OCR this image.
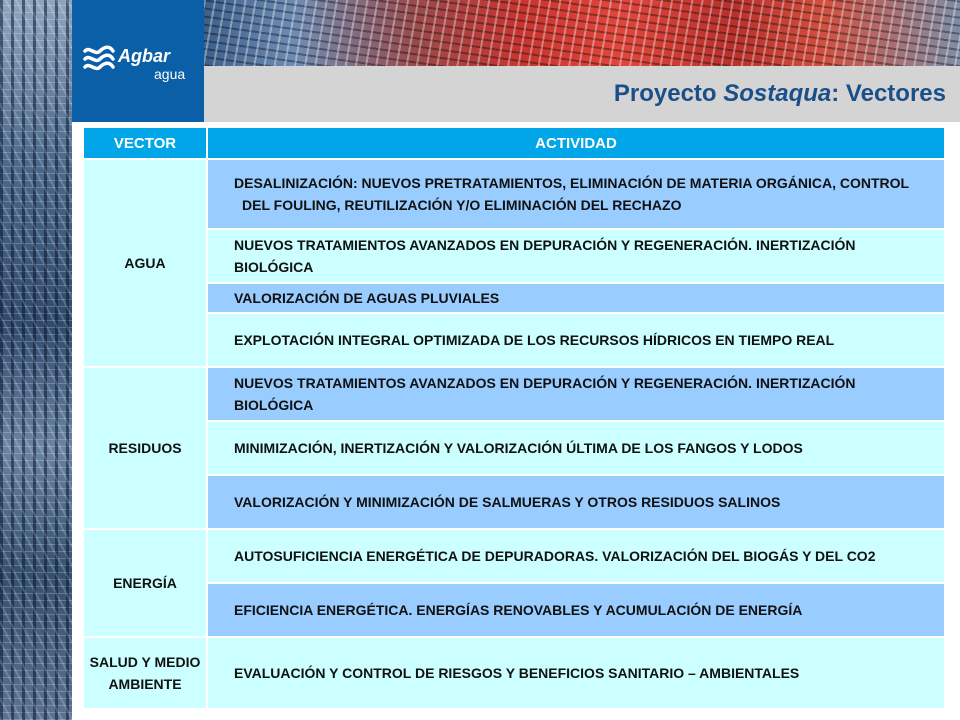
Agbar
agua
Proyecto Sostaqua: Vectores
VECTOR	ACTIVIDAD
AGUA	DESALINIZACIÓN: NUEVOS PRETRATAMIENTOS, ELIMINACIÓN DE MATERIA ORGÁNICA, CONTROL DEL FOULING, REUTILIZACIÓN Y/O ELIMINACIÓN DEL RECHAZO

	NUEVOS TRATAMIENTOS AVANZADOS EN DEPURACIÓN Y REGENERACIÓN. INERTIZACIÓN BIOLÓGICA

	VALORIZACIÓN DE AGUAS PLUVIALES

	EXPLOTACIÓN INTEGRAL OPTIMIZADA DE LOS RECURSOS HÍDRICOS EN TIEMPO REAL

RESIDUOS	NUEVOS TRATAMIENTOS AVANZADOS EN DEPURACIÓN Y REGENERACIÓN. INERTIZACIÓN BIOLÓGICA

	MINIMIZACIÓN, INERTIZACIÓN Y VALORIZACIÓN ÚLTIMA DE LOS FANGOS Y LODOS

	VALORIZACIÓN Y MINIMIZACIÓN DE SALMUERAS Y OTROS RESIDUOS SALINOS

ENERGÍA	AUTOSUFICIENCIA ENERGÉTICA DE DEPURADORAS. VALORIZACIÓN DEL BIOGÁS Y DEL CO2

	EFICIENCIA ENERGÉTICA. ENERGÍAS RENOVABLES Y ACUMULACIÓN DE ENERGÍA

SALUD Y MEDIO AMBIENTE	EVALUACIÓN Y CONTROL DE RIESGOS Y BENEFICIOS SANITARIO – AMBIENTALES
